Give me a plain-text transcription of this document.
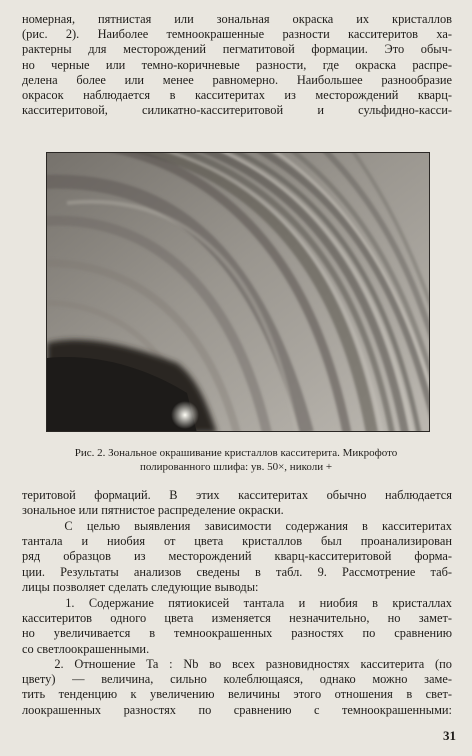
номерная, пятнистая или зональная окраска их кристаллов
(рис. 2). Наиболее темноокрашенные разности касситеритов ха-
рактерны для месторождений пегматитовой формации. Это обыч-
но черные или темно-коричневые разности, где окраска распре-
делена более или менее равномерно. Наибольшее разнообразие
окрасок наблюдается в касситеритах из месторождений кварц-
касситеритовой, силикатно-касситеритовой и сульфидно-касси-

Рис. 2. Зональное окрашивание кристаллов касситерита. Микрофото
полированного шлифа: ув. 50×, николи +

теритовой формаций. В этих касситеритах обычно наблюдается
зональное или пятнистое распределение окраски.

С целью выявления зависимости содержания в касситеритах
тантала и ниобия от цвета кристаллов был проанализирован
ряд образцов из месторождений кварц-касситеритовой форма-
ции. Результаты анализов сведены в табл. 9. Рассмотрение таб-
лицы позволяет сделать следующие выводы:

1. Содержание пятиокисей тантала и ниобия в кристаллах
касситеритов одного цвета изменяется незначительно, но замет-
но увеличивается в темноокрашенных разностях по сравнению
со светлоокрашенными.

2. Отношение Ta : Nb во всех разновидностях касситерита (по
цвету) — величина, сильно колеблющаяся, однако можно заме-
тить тенденцию к увеличению величины этого отношения в свет-
лоокрашенных разностях по сравнению с темноокрашенными:

31
